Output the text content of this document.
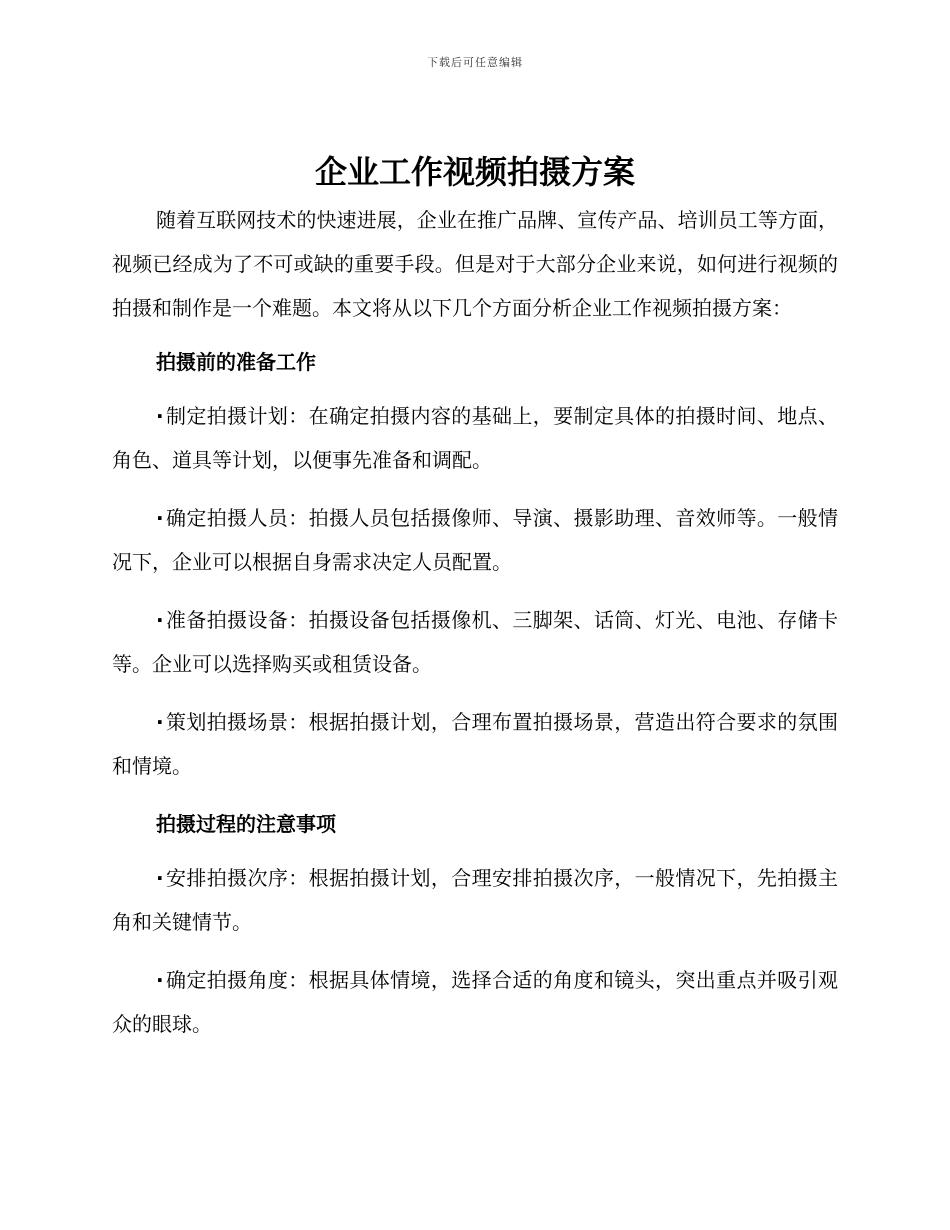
下载后可任意编辑
企业工作视频拍摄方案

随着互联网技术的快速进展，企业在推广品牌、宣传产品、培训员工等方面，视频已经成为了不可或缺的重要手段。但是对于大部分企业来说，如何进行视频的拍摄和制作是一个难题。本文将从以下几个方面分析企业工作视频拍摄方案：

拍摄前的准备工作

· 制定拍摄计划：在确定拍摄内容的基础上，要制定具体的拍摄时间、地点、角色、道具等计划，以便事先准备和调配。

· 确定拍摄人员：拍摄人员包括摄像师、导演、摄影助理、音效师等。一般情况下，企业可以根据自身需求决定人员配置。

· 准备拍摄设备：拍摄设备包括摄像机、三脚架、话筒、灯光、电池、存储卡等。企业可以选择购买或租赁设备。

· 策划拍摄场景：根据拍摄计划，合理布置拍摄场景，营造出符合要求的氛围和情境。

拍摄过程的注意事项

· 安排拍摄次序：根据拍摄计划，合理安排拍摄次序，一般情况下，先拍摄主角和关键情节。

· 确定拍摄角度：根据具体情境，选择合适的角度和镜头，突出重点并吸引观众的眼球。
